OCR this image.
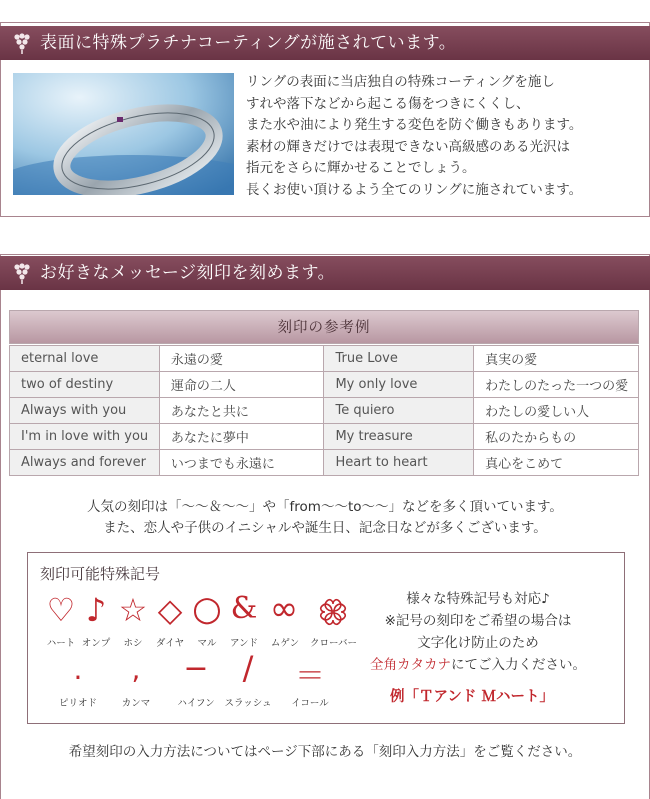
表面に特殊プラチナコーティングが施されています。
リングの表面に当店独自の特殊コーティングを施し
すれや落下などから起こる傷をつきにくくし、
また水や油により発生する変色を防ぐ働きもあります。
素材の輝きだけでは表現できない高級感のある光沢は
指元をさらに輝かせることでしょう。
長くお使い頂けるよう全てのリングに施されています。
お好きなメッセージ刻印を刻めます。
刻印の参考例
eternal love	永遠の愛	True Love	真実の愛
two of destiny	運命の二人	My only love	わたしのたった一つの愛
Always with you	あなたと共に	Te quiero	わたしの愛しい人
I'm in love with you	あなたに夢中	My treasure	私のたからもの
Always and forever	いつまでも永遠に	Heart to heart	真心をこめて
人気の刻印は「～～＆～～」や「from～～to～～」などを多く頂いています。
また、恋人や子供のイニシャルや誕生日、記念日などが多くございます。
刻印可能特殊記号
♡ ♪ ☆ ◇ ○ & ∞
ハート オンプ	ホシ	ダイヤ	マル	アンド	ムゲン	クローバー
.	,	−	/	＝
ピリオド	カンマ	ハイフン	スラッシュ	イコール
様々な特殊記号も対応♪
※記号の刻印をご希望の場合は
文字化け防止のため
全角カタカナにてご入力ください。
例「Ｔアンド Ｍハート」
希望刻印の入力方法についてはページ下部にある「刻印入力方法」をご覧ください。
